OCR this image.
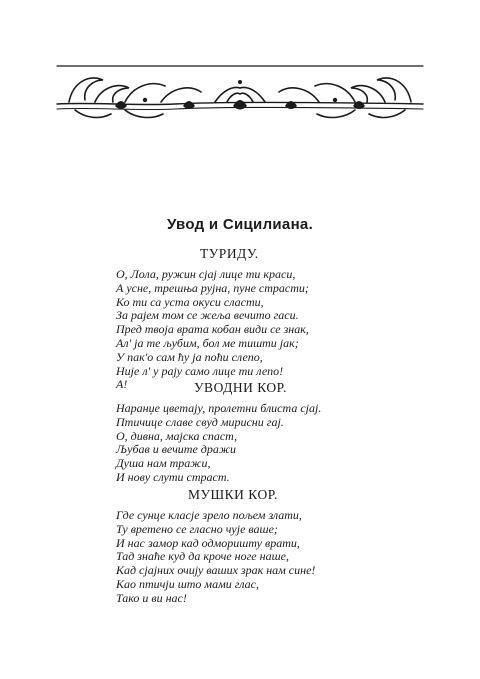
Увод и Сицилиана.
ТУРИДУ.
О, Лола, ружин сјај лице ти краси,
А усне, трешња рујна, пуне страсти;
Ко ти са уста окуси сласти,
За рајем том се жеља вечито гаси.
Пред твоја врата кобан види се знак,
Ал' ја те љубим, бол ме тишти јак;
У пак'о сам ћу ја поћи слепо,
Није л' у рају само лице ти лепо!
А!	УВОДНИ КОР.
Наранџе цветају, пролетни блиста сјај.
Птичице славе свуд мирисни гај.
О, дивна, мајска спаст,
Љубав и вечите дражи
Душа нам тражи,
И нову слути страст.
МУШКИ КОР.
Где сунце класје зрело пољем злати,
Ту вретено се гласно чује ваше;
И нас замор кад одморишту врати,
Тад знаће куд да кроче ноге наше,
Кад сјајних очију ваших зрак нам сине!
Као птичји што мами глас,
Тако и ви нас!
